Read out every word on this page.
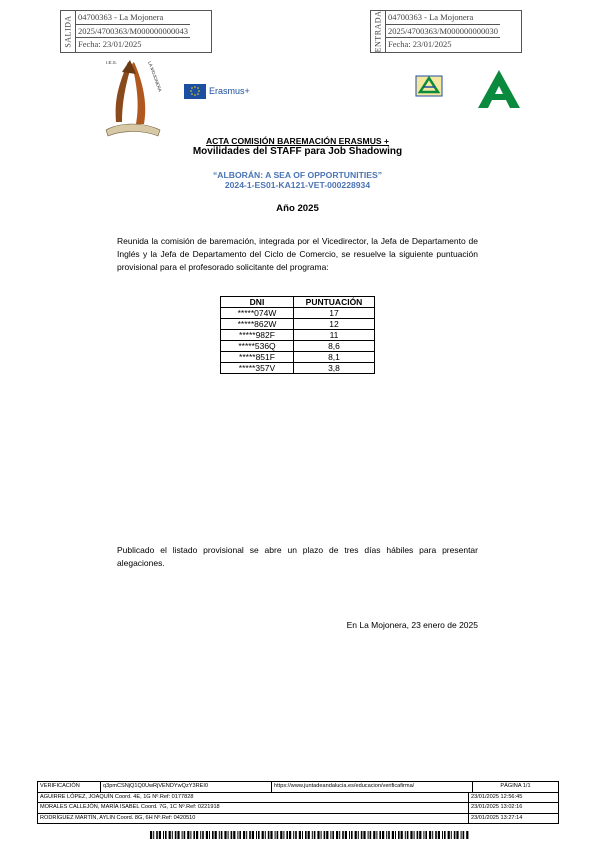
SALIDA 04700363 - La Mojonera
2025/4700363/M000000000043
Fecha: 23/01/2025	ENTRADA 04700363 - La Mojonera
2025/4700363/M000000000030
Fecha: 23/01/2025
LA MOJONERA
I.E.S.
Erasmus+
ACTA COMISIÓN BAREMACIÓN ERASMUS +
Movilidades del STAFF para Job Shadowing
“ALBORÁN: A SEA OF OPPORTUNITIES”
2024-1-ES01-KA121-VET-000228934
Año 2025
Reunida la comisión de baremación, integrada por el Vicedirector, la Jefa de Departamento de Inglés y la Jefa de Departamento del Ciclo de Comercio, se resuelve la siguiente puntuación provisional para el profesorado solicitante del programa:
DNI	PUNTUACIÓN
*****074W	17
*****862W	12
*****982F	11
*****536Q	8,6
*****851F	8,1
*****357V	3,8
Publicado el listado provisional se abre un plazo de tres días hábiles para presentar alegaciones.
En La Mojonera, 23 enero de 2025
VERIFICACIÓN	q3pmCSNjQ1Q0UwRjVENDYwQzY3REI0	https://www.juntadeandalucia.es/educacion/verificafirma/	PÁGINA 1/1
AGUIRRE LÓPEZ, JOAQUÍN Coord. 4E, 1G Nº.Ref: 0177828	23/01/2025 12:56:45
MORALES CALLEJÓN, MARÍA ISABEL Coord. 7G, 1C Nº.Ref: 0221918	23/01/2025 13:02:16
RODRÍGUEZ MARTÍN, AYLIN Coord. 8G, 6H Nº.Ref: 0420510	23/01/2025 13:27:14
